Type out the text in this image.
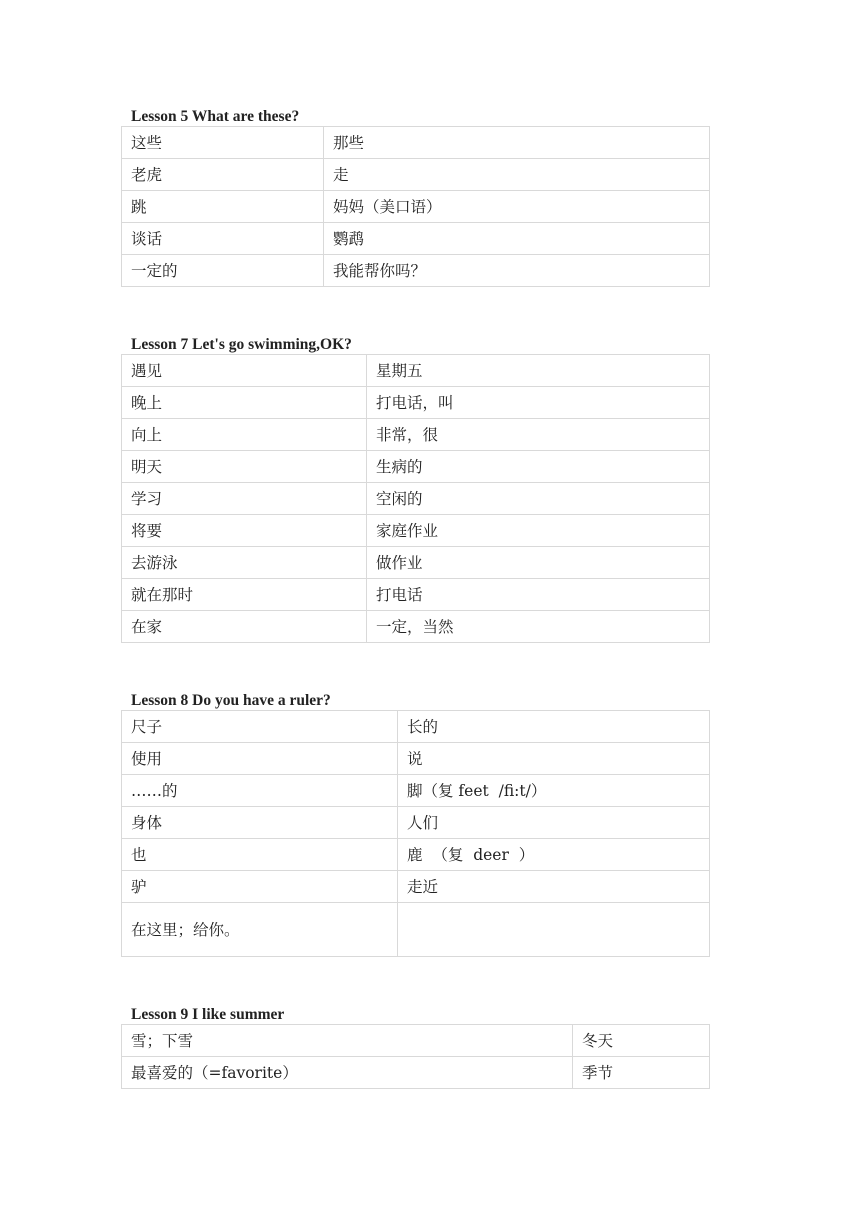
Lesson 5 What are these?
这些	那些
老虎	走
跳	妈妈（美口语）
谈话	鹦鹉
一定的	我能帮你吗？
Lesson 7 Let's go swimming,OK?
遇见	星期五
晚上	打电话，叫
向上	非常，很
明天	生病的
学习	空闲的
将要	家庭作业
去游泳	做作业
就在那时	打电话
在家	一定，当然
Lesson 8 Do you have a ruler?
尺子	长的
使用	说
……的	脚（复 feet  /fi:t/）
身体	人们
也	鹿  （复  deer  ）
驴	走近
在这里；给你。	
Lesson 9 I like summer
雪；下雪	冬天
最喜爱的（=favorite）	季节
